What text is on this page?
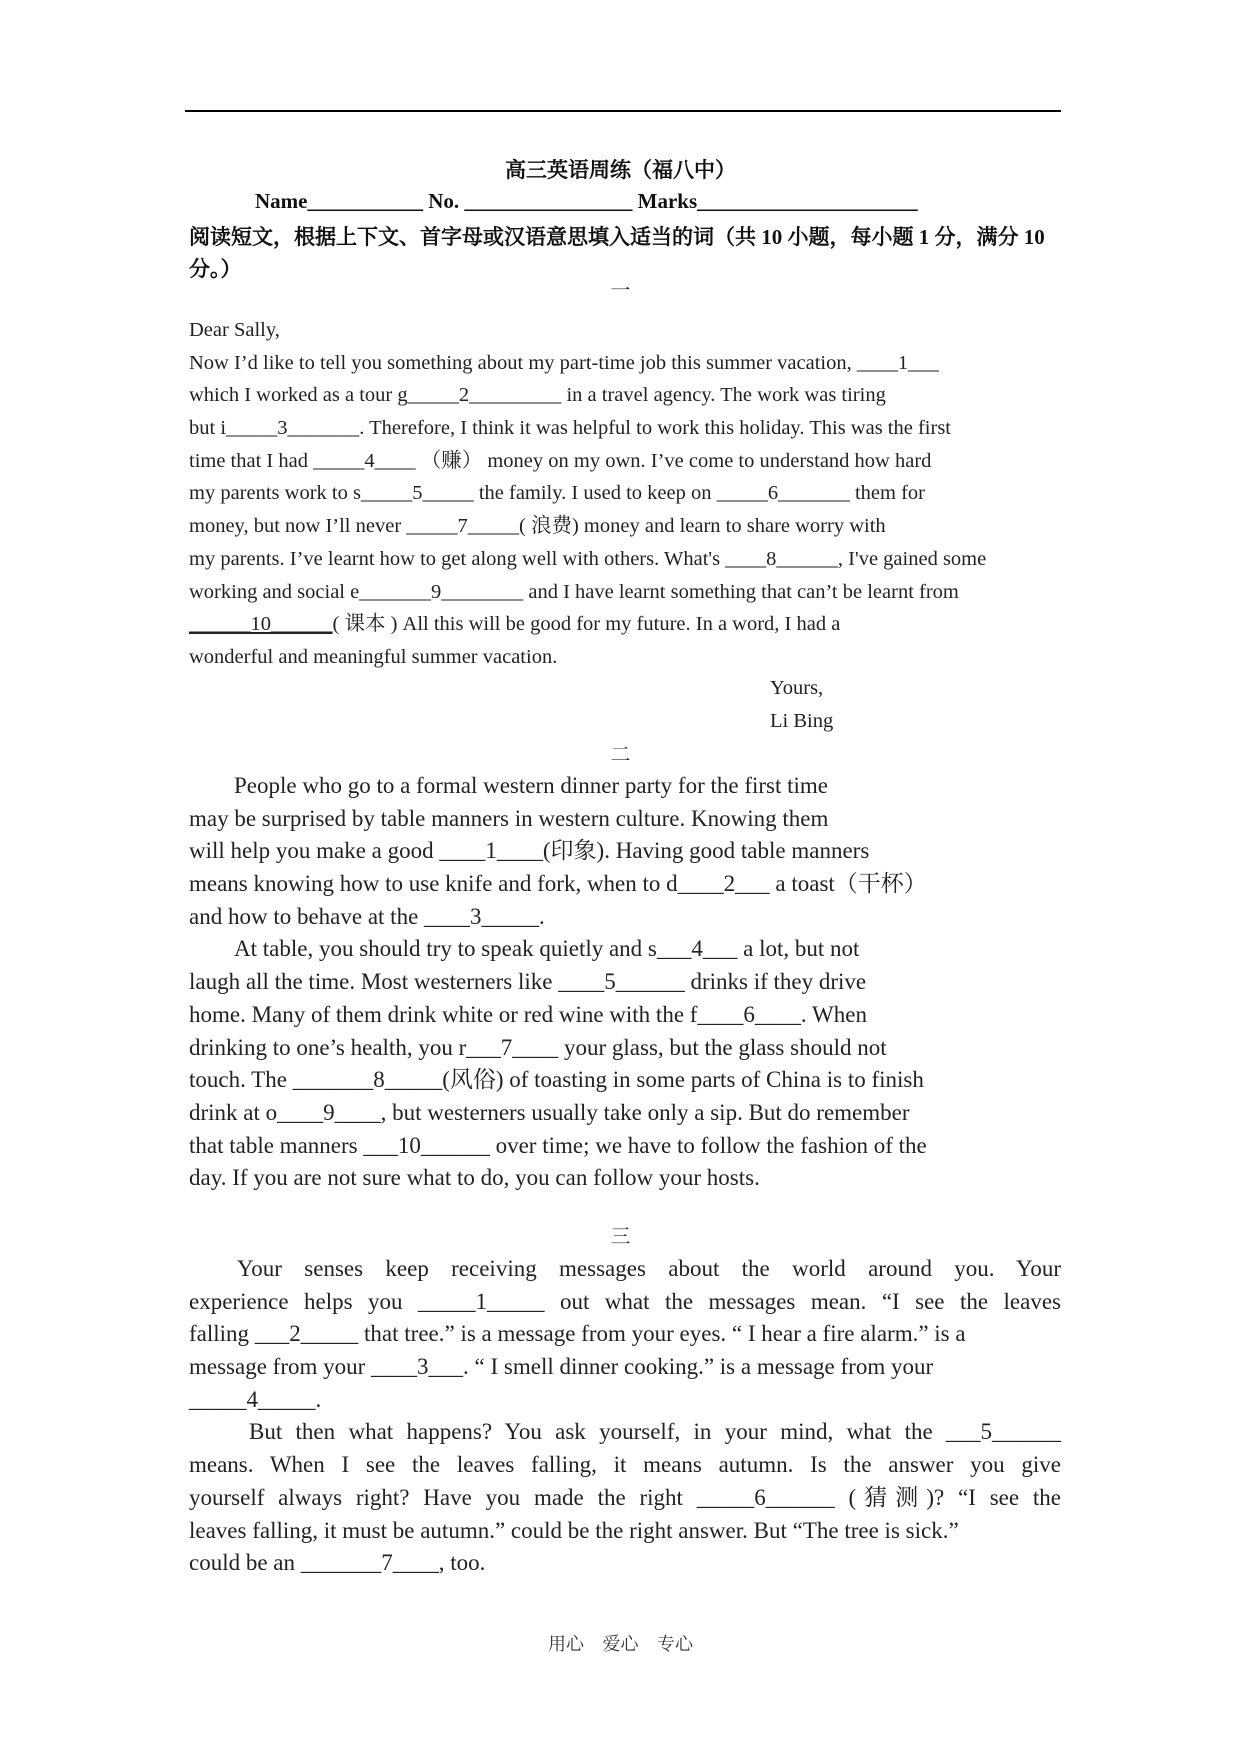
高三英语周练（福八中）
Name___________ No. ________________ Marks_____________________
阅读短文，根据上下文、首字母或汉语意思填入适当的词（共 10 小题，每小题 1 分，满分 10 分。）
一
Dear Sally,
Now I’d like to tell you something about my part-time job this summer vacation, ____1___
which I worked as a tour g_____2_________ in a travel agency. The work was tiring
but i_____3_______. Therefore, I think it was helpful to work this holiday. This was the first
time that I had _____4____ （赚） money on my own. I’ve come to understand how hard
my parents work to s_____5_____ the family. I used to keep on _____6_______ them for
money, but now I’ll never _____7_____( 浪费) money and learn to share worry with
my parents. I’ve learnt how to get along well with others. What's ____8______, I've gained some
working and social e_______9________ and I have learnt something that can’t be learnt from
______10______( 课本 ) All this will be good for my future. In a word, I had a
wonderful and meaningful summer vacation.
Yours,
Li Bing
二
People who go to a formal western dinner party for the first time
may be surprised by table manners in western culture. Knowing them
will help you make a good ____1____(印象). Having good table manners
means knowing how to use knife and fork, when to d____2___ a toast（干杯）
and how to behave at the ____3_____.
At table, you should try to speak quietly and s___4___ a lot, but not
laugh all the time. Most westerners like ____5______ drinks if they drive
home. Many of them drink white or red wine with the f____6____. When
drinking to one’s health, you r___7____ your glass, but the glass should not
touch. The _______8_____(风俗) of toasting in some parts of China is to finish
drink at o____9____, but westerners usually take only a sip. But do remember
that table manners ___10______ over time; we have to follow the fashion of the
day. If you are not sure what to do, you can follow your hosts.
三
Your senses keep receiving messages about the world around you. Your
experience helps you _____1_____ out what the messages mean. “I see the leaves
falling ___2_____ that tree.” is a message from your eyes. “ I hear a fire alarm.” is a
message from your ____3___. “ I smell dinner cooking.” is a message from your
_____4_____.
But then what happens? You ask yourself, in your mind, what the ___5______
means. When I see the leaves falling, it means autumn. Is the answer you give
yourself always right? Have you made the right _____6______ (猜测)? “I see the
leaves falling, it must be autumn.” could be the right answer. But “The tree is sick.”
could be an _______7____, too.
用心 爱心 专心
